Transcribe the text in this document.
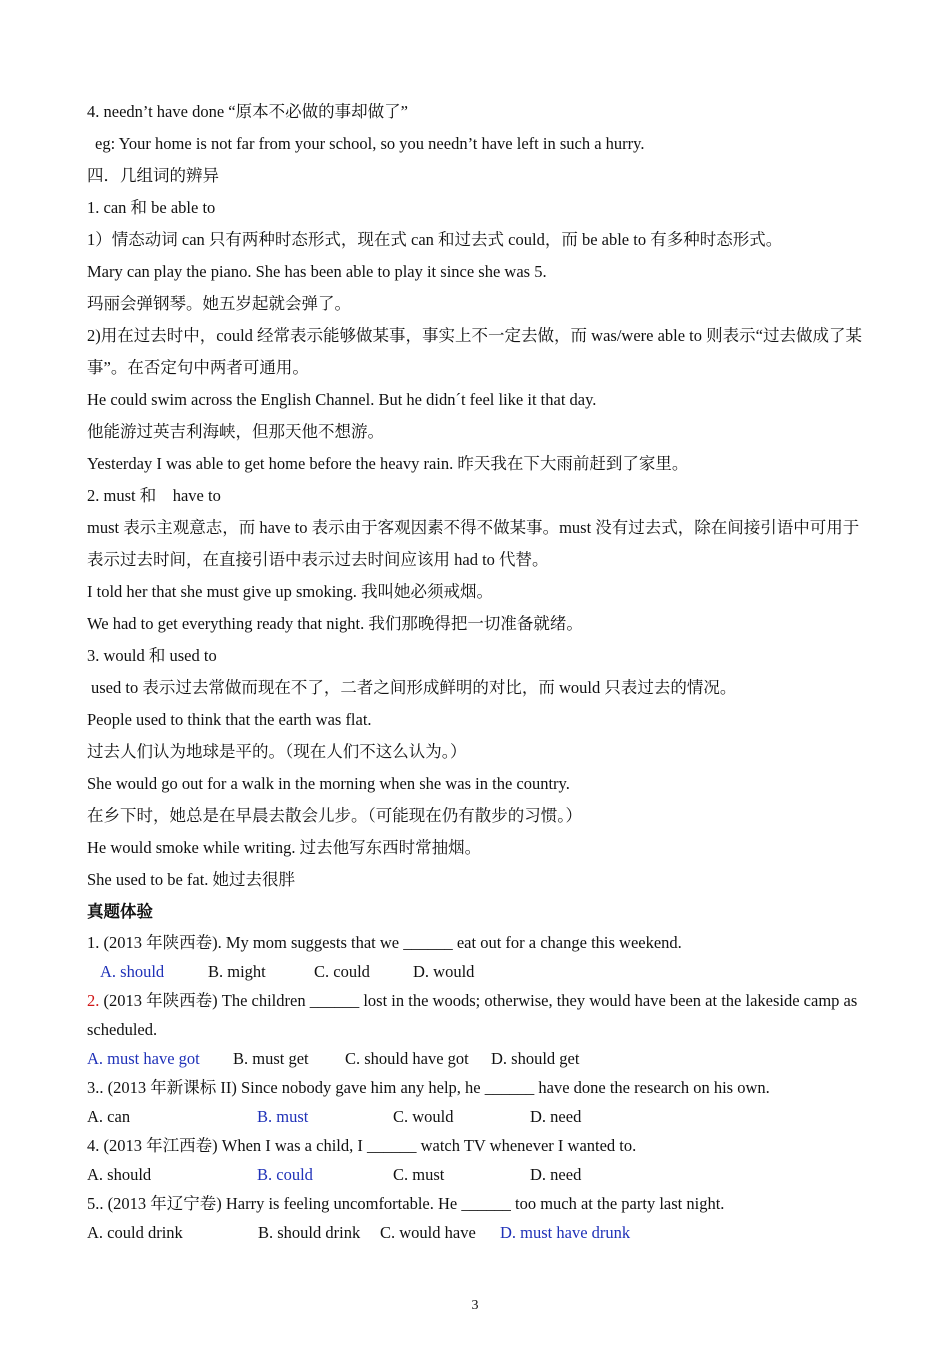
4. needn’t have done “原本不必做的事却做了”
eg: Your home is not far from your school, so you needn’t have left in such a hurry.
四．几组词的辨异
1. can 和 be able to
1）情态动词 can 只有两种时态形式，现在式 can 和过去式 could，而 be able to 有多种时态形式。
Mary can play the piano. She has been able to play it since she was 5.
玛丽会弹钢琴。她五岁起就会弹了。
2)用在过去时中，could 经常表示能够做某事，事实上不一定去做，而 was/were able to 则表示“过去做成了某事”。在否定句中两者可通用。
He could swim across the English Channel. But he didn´t feel like it that day.
他能游过英吉利海峡，但那天他不想游。
Yesterday I was able to get home before the heavy rain. 昨天我在下大雨前赶到了家里。
2. must 和　have to
must 表示主观意志，而 have to 表示由于客观因素不得不做某事。must 没有过去式，除在间接引语中可用于表示过去时间，在直接引语中表示过去时间应该用 had to 代替。
I told her that she must give up smoking. 我叫她必须戒烟。
We had to get everything ready that night. 我们那晚得把一切准备就绪。
3. would 和 used to
used to 表示过去常做而现在不了，二者之间形成鲜明的对比，而 would 只表过去的情况。
People used to think that the earth was flat.
过去人们认为地球是平的。（现在人们不这么认为。）
She would go out for a walk in the morning when she was in the country.
在乡下时，她总是在早晨去散会儿步。（可能现在仍有散步的习惯。）
He would smoke while writing. 过去他写东西时常抽烟。
She used to be fat. 她过去很胖
真题体验
1. (2013 年陕西卷). My mom suggests that we ______ eat out for a change this weekend.
A. should	B. might	C. could	D. would
2. (2013 年陕西卷) The children ______ lost in the woods; otherwise, they would have been at the lakeside camp as scheduled.
A. must have got B. must get C. should have got D. should get
3.. (2013 年新课标 II) Since nobody gave him any help, he ______ have done the research on his own.
A. can	B. must	C. would	D. need
4. (2013 年江西卷) When I was a child, I ______ watch TV whenever I wanted to.
A. should	B. could	C. must	D. need
5.. (2013 年辽宁卷) Harry is feeling uncomfortable. He ______ too much at the party last night.
A. could drink	B. should drink C. would have D. must have drunk
3
